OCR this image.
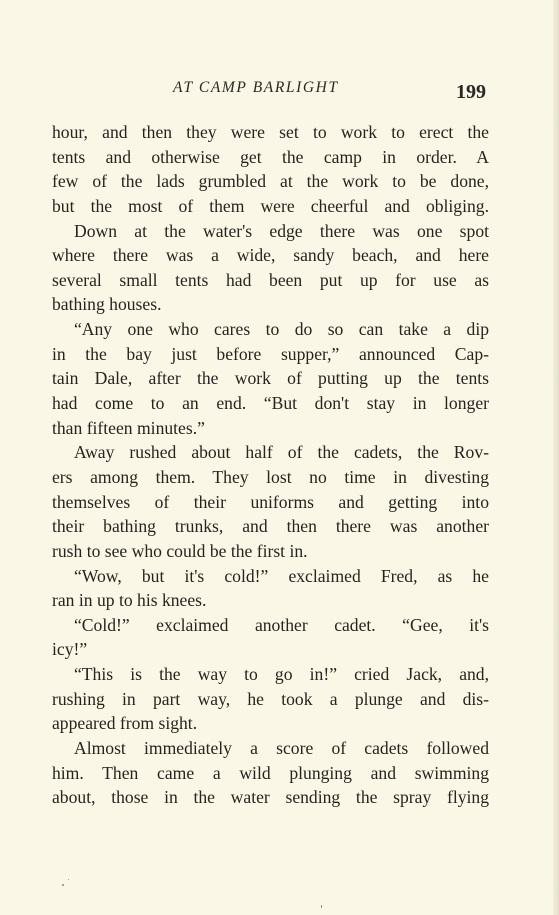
AT CAMP BARLIGHT	199
hour, and then they were set to work to erect the
tents and otherwise get the camp in order. A
few of the lads grumbled at the work to be done,
but the most of them were cheerful and obliging.
Down at the water's edge there was one spot
where there was a wide, sandy beach, and here
several small tents had been put up for use as
bathing houses.
“Any one who cares to do so can take a dip
in the bay just before supper,” announced Cap-
tain Dale, after the work of putting up the tents
had come to an end. “But don't stay in longer
than fifteen minutes.”
Away rushed about half of the cadets, the Rov-
ers among them. They lost no time in divesting
themselves of their uniforms and getting into
their bathing trunks, and then there was another
rush to see who could be the first in.
“Wow, but it's cold!” exclaimed Fred, as he
ran in up to his knees.
“Cold!” exclaimed another cadet. “Gee, it's
icy!”
“This is the way to go in!” cried Jack, and,
rushing in part way, he took a plunge and dis-
appeared from sight.
Almost immediately a score of cadets followed
him. Then came a wild plunging and swimming
about, those in the water sending the spray flying
